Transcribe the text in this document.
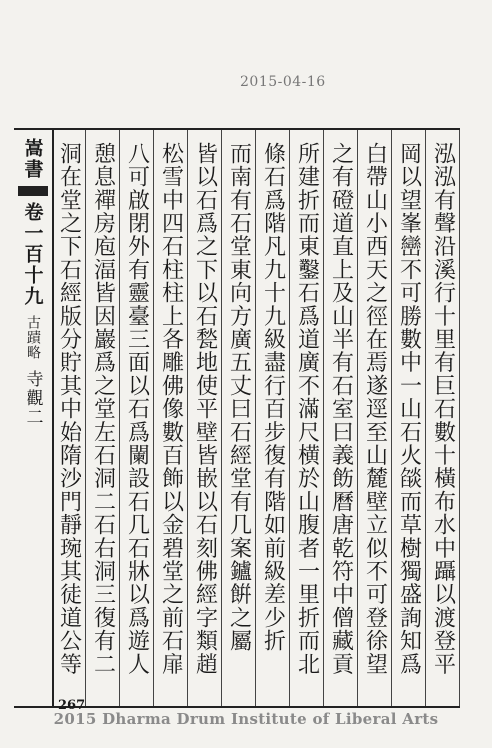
2015-04-16
嵩書
卷一百十九
古蹟略
寺觀二	泓泓有聲沿溪行十里有巨石數十橫布水中躡以渡登平
岡以望峯巒不可勝數中一山石火燄而草樹獨盛詢知爲
白帶山小西天之徑在焉遂逕至山麓壁立似不可登徐望
之有磴道直上及山半有石室曰義飭曆唐乾符中僧藏貢
所建折而東鑿石爲道廣不滿尺横於山腹者一里折而北
條石爲階凡九十九級盡行百步復有階如前級差少折
而南有石堂東向方廣五丈曰石經堂有几案鑪餠之屬
皆以石爲之下以石甃地使平壁皆嵌以石刻佛經字類趙
松雪中四石柱柱上各雕佛像數百飾以金碧堂之前石扉
八可啟閉外有靈臺三面以石爲闌設石几石牀以爲遊人
憩息禪房庖湢皆因巖爲之堂左石洞二石右洞三復有二
洞在堂之下石經版分貯其中始隋沙門靜琬其徒道公等
267
2015 Dharma Drum Institute of Liberal Arts
